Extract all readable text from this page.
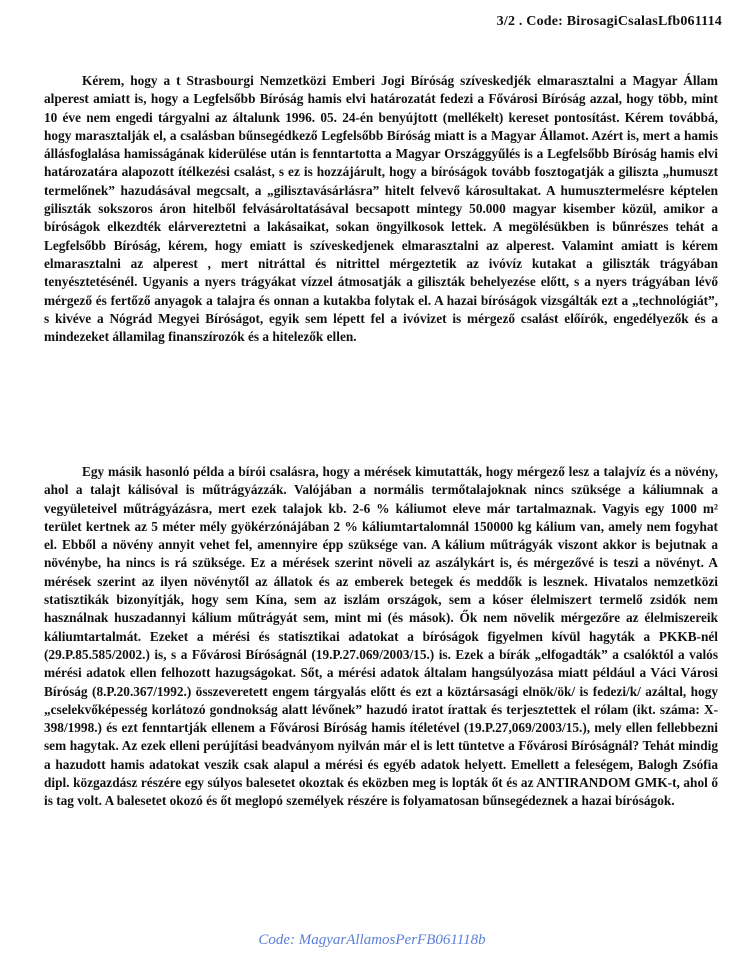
3/2 . Code: BirosagiCsalasLfb061114

Kérem, hogy a t Strasbourgi Nemzetközi Emberi Jogi Bíróság szíveskedjék elmarasztalni a Magyar Állam alperest amiatt is, hogy a Legfelsőbb Bíróság hamis elvi határozatát fedezi a Fővárosi Bíróság azzal, hogy több, mint 10 éve nem engedi tárgyalni az általunk 1996. 05. 24-én benyújtott (mellékelt) kereset pontosítást. Kérem továbbá, hogy marasztalják el, a csalásban bűnsegédkező Legfelsőbb Bíróság miatt is a Magyar Államot. Azért is, mert a hamis állásfoglalása hamisságának kiderülése után is fenntartotta a Magyar Országgyűlés is a Legfelsőbb Bíróság hamis elvi határozatára alapozott ítélkezési csalást, s ez is hozzájárult, hogy a bíróságok tovább fosztogatják a giliszta „humuszt termelőnek” hazudásával megcsalt, a „gilisztavásárlásra” hitelt felvevő károsultakat. A humusztermelésre képtelen giliszták sokszoros áron hitelből felvásároltatásával becsapott mintegy 50.000 magyar kisember közül, amikor a bíróságok elkezdték elárvereztetni a lakásaikat, sokan öngyilkosok lettek. A megölésükben is bűnrészes tehát a Legfelsőbb Bíróság, kérem, hogy emiatt is szíveskedjenek elmarasztalni az alperest. Valamint amiatt is kérem elmarasztalni az alperest , mert nitráttal és nitrittel mérgeztetik az ivóvíz kutakat a giliszták trágyában tenyésztetésénél. Ugyanis a nyers trágyákat vízzel átmosatják a giliszták behelyezése előtt, s a nyers trágyában lévő mérgező és fertőző anyagok a talajra és onnan a kutakba folytak el. A hazai bíróságok vizsgálták ezt a „technológiát”, s kivéve a Nógrád Megyei Bíróságot, egyik sem lépett fel a ivóvizet is mérgező csalást előírók, engedélyezők és a mindezeket államilag finanszírozók és a hitelezők ellen.

Egy másik hasonló példa a bírói csalásra, hogy a mérések kimutatták, hogy mérgező lesz a talajvíz és a növény, ahol a talajt kálisóval is műtrágyázzák. Valójában a normális termőtalajoknak nincs szüksége a káliumnak a vegyületeivel műtrágyázásra, mert ezek talajok kb. 2-6 % káliumot eleve már tartalmaznak. Vagyis egy 1000 m² terület kertnek az 5 méter mély gyökérzónájában 2 % káliumtartalomnál 150000 kg kálium van, amely nem fogyhat el. Ebből a növény annyit vehet fel, amennyire épp szüksége van. A kálium műtrágyák viszont akkor is bejutnak a növénybe, ha nincs is rá szüksége. Ez a mérések szerint növeli az aszálykárt is, és mérgezővé is teszi a növényt. A mérések szerint az ilyen növénytől az állatok és az emberek betegek és meddők is lesznek. Hivatalos nemzetközi statisztikák bizonyítják, hogy sem Kína, sem az iszlám országok, sem a kóser élelmiszert termelő zsidók nem használnak huszadannyi kálium műtrágyát sem, mint mi (és mások). Ők nem növelik mérgezőre az élelmiszereik káliumtartalmát. Ezeket a mérési és statisztikai adatokat a bíróságok figyelmen kívül hagyták a PKKB-nél (29.P.85.585/2002.) is, s a Fővárosi Bíróságnál (19.P.27.069/2003/15.) is. Ezek a bírák „elfogadták” a csalóktól a valós mérési adatok ellen felhozott hazugságokat. Sőt, a mérési adatok általam hangsúlyozása miatt például a Váci Városi Bíróság (8.P.20.367/1992.) összeveretett engem tárgyalás előtt és ezt a köztársasági elnök/ök/ is fedezi/k/ azáltal, hogy „cselekvőképesség korlátozó gondnokság alatt lévőnek” hazudó iratot írattak és terjesztettek el rólam (ikt. száma: X-398/1998.) és ezt fenntartják ellenem a Fővárosi Bíróság hamis ítéletével (19.P.27,069/2003/15.), mely ellen fellebbezni sem hagytak. Az ezek elleni perújítási beadványom nyilván már el is lett tüntetve a Fővárosi Bíróságnál? Tehát mindig a hazudott hamis adatokat veszik csak alapul a mérési és egyéb adatok helyett. Emellett a feleségem, Balogh Zsófia dipl. közgazdász részére egy súlyos balesetet okoztak és eközben meg is lopták őt és az ANTIRANDOM GMK-t, ahol ő is tag volt. A balesetet okozó és őt meglopó személyek részére is folyamatosan bűnsegédeznek a hazai bíróságok.

Code: MagyarAllamosPerFB061118b
